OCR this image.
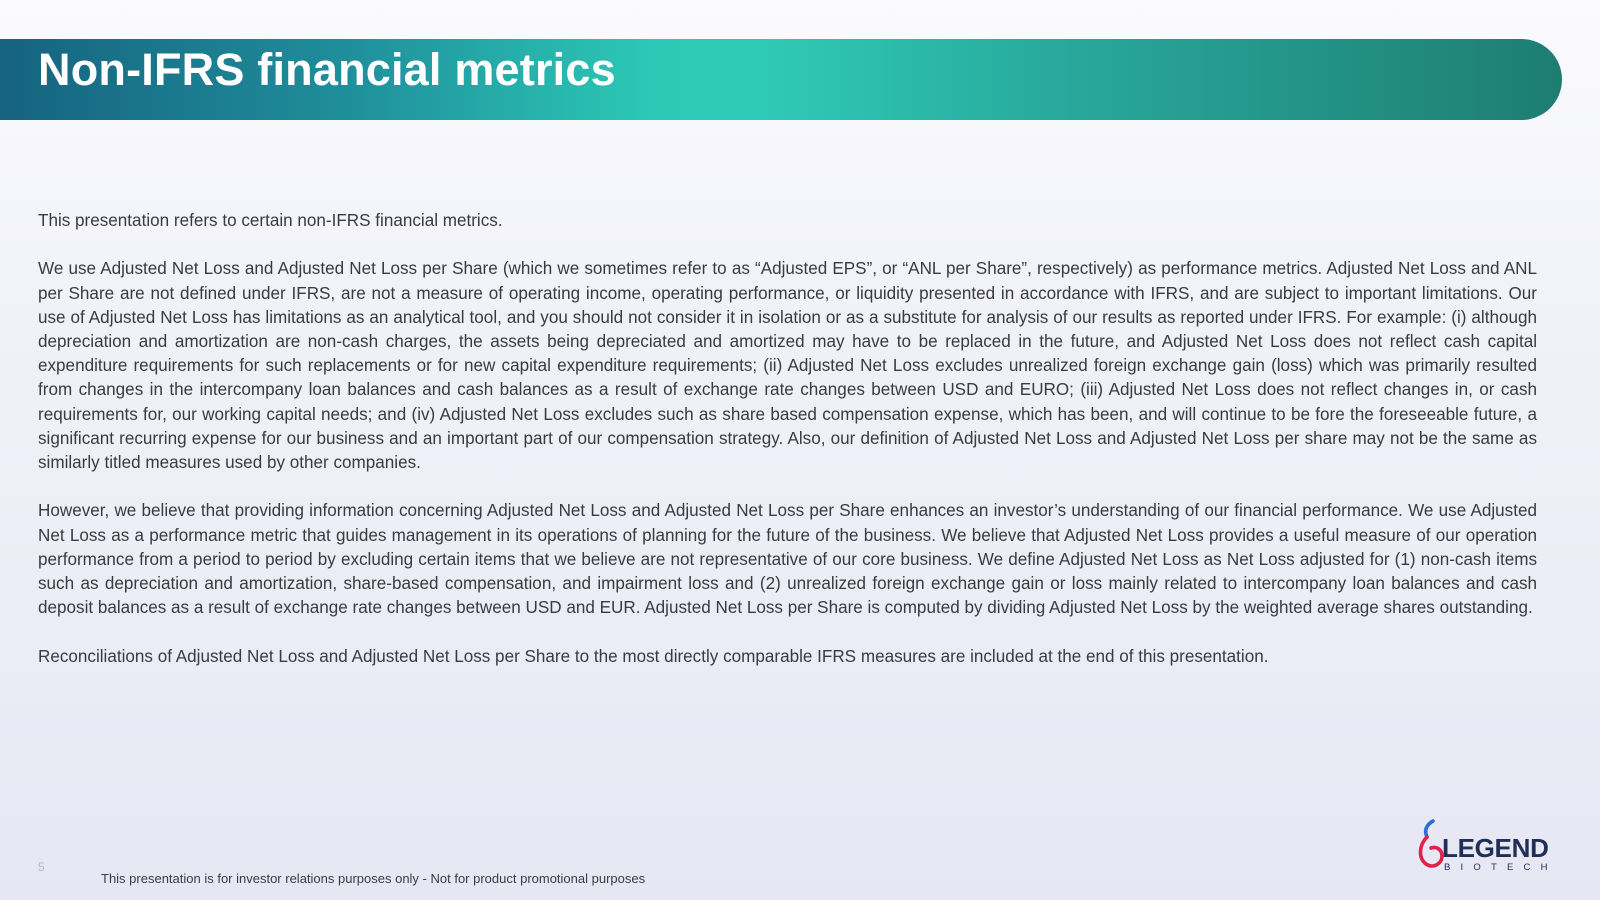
Non-IFRS financial metrics

This presentation refers to certain non-IFRS financial metrics.

We use Adjusted Net Loss and Adjusted Net Loss per Share (which we sometimes refer to as “Adjusted EPS”, or “ANL per Share”, respectively) as performance metrics. Adjusted Net Loss and ANL per Share are not defined under IFRS, are not a measure of operating income, operating performance, or liquidity presented in accordance with IFRS, and are subject to important limitations. Our use of Adjusted Net Loss has limitations as an analytical tool, and you should not consider it in isolation or as a substitute for analysis of our results as reported under IFRS. For example: (i) although depreciation and amortization are non-cash charges, the assets being depreciated and amortized may have to be replaced in the future, and Adjusted Net Loss does not reflect cash capital expenditure requirements for such replacements or for new capital expenditure requirements; (ii) Adjusted Net Loss excludes unrealized foreign exchange gain (loss) which was primarily resulted from changes in the intercompany loan balances and cash balances as a result of exchange rate changes between USD and EURO; (iii) Adjusted Net Loss does not reflect changes in, or cash requirements for, our working capital needs; and (iv) Adjusted Net Loss excludes such as share based compensation expense, which has been, and will continue to be fore the foreseeable future, a significant recurring expense for our business and an important part of our compensation strategy. Also, our definition of Adjusted Net Loss and Adjusted Net Loss per share may not be the same as similarly titled measures used by other companies.

However, we believe that providing information concerning Adjusted Net Loss and Adjusted Net Loss per Share enhances an investor’s understanding of our financial performance. We use Adjusted Net Loss as a performance metric that guides management in its operations of planning for the future of the business. We believe that Adjusted Net Loss provides a useful measure of our operation performance from a period to period by excluding certain items that we believe are not representative of our core business. We define Adjusted Net Loss as Net Loss adjusted for (1) non-cash items such as depreciation and amortization, share-based compensation, and impairment loss and (2) unrealized foreign exchange gain or loss mainly related to intercompany loan balances and cash deposit balances as a result of exchange rate changes between USD and EUR. Adjusted Net Loss per Share is computed by dividing Adjusted Net Loss by the weighted average shares outstanding.

Reconciliations of Adjusted Net Loss and Adjusted Net Loss per Share to the most directly comparable IFRS measures are included at the end of this presentation.

5
This presentation is for investor relations purposes only - Not for product promotional purposes
LEGEND
BIOTECH
